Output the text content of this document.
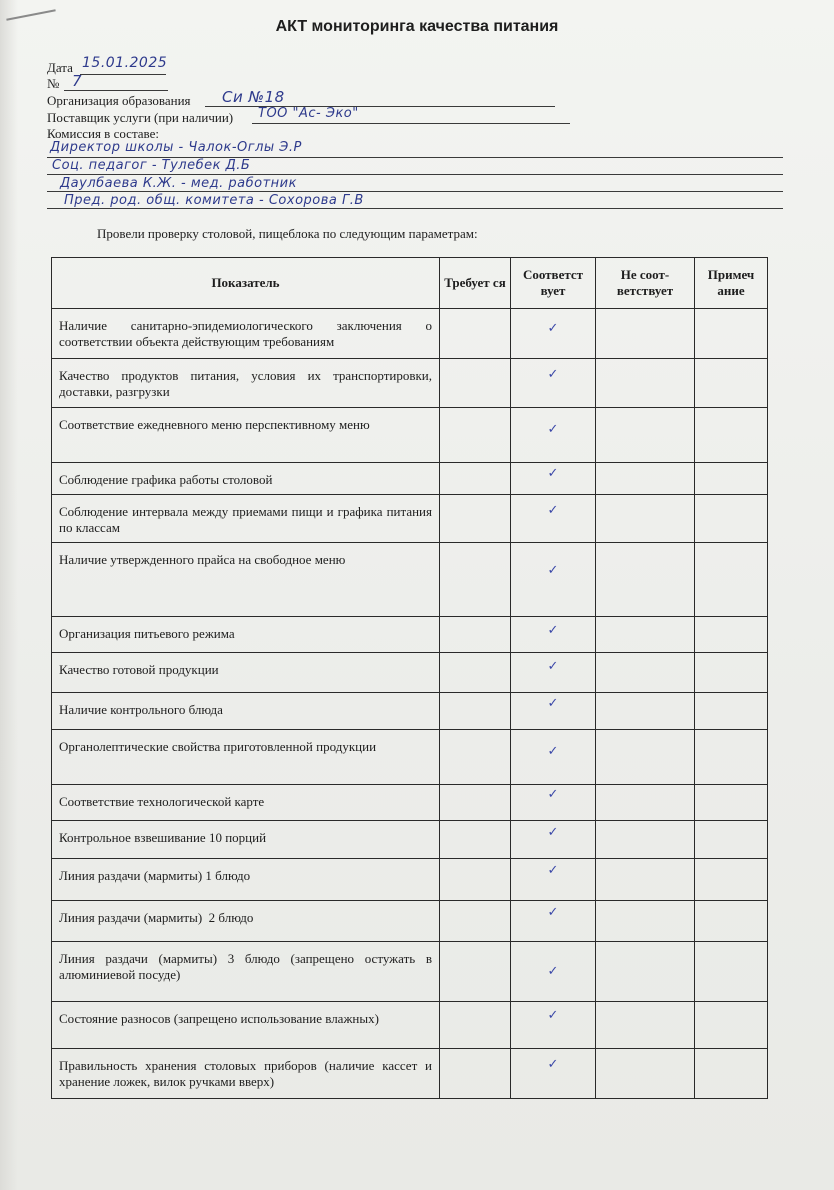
АКТ мониторинга качества питания
Дата 15.01.2025
№ 7
Организация образования Си №18
Поставщик услуги (при наличии) ТОО "Ас- Эко"
Комиссия в составе:
Директор школы - Чалок-Оглы Э.Р
Соц. педагог - Тулебек Д.Б
Даулбаева К.Ж. - мед. работник
Пред. род. общ. комитета - Сохорова Г.В
Провели проверку столовой, пищеблока по следующим параметрам:
Показатель	Требует ся	Соответст вует	Не соот- ветствует	Примеч ание

Наличие санитарно-эпидемиологического заключения о соответствии объекта действующим требованиям		✓		

Качество продуктов питания, условия их транспортировки, доставки, разгрузки		✓		

Соответствие ежедневного меню перспективному меню		✓		

Соблюдение графика работы столовой		✓		

Соблюдение интервала между приемами пищи и графика питания по классам		✓		

Наличие утвержденного прайса на свободное меню		✓		

Организация питьевого режима		✓		

Качество готовой продукции		✓		

Наличие контрольного блюда		✓		

Органолептические свойства приготовленной продукции		✓		

Соответствие технологической карте		✓		

Контрольное взвешивание 10 порций		✓		

Линия раздачи (мармиты) 1 блюдо		✓		

Линия раздачи (мармиты)  2 блюдо		✓		

Линия раздачи (мармиты) 3 блюдо (запрещено остужать в алюминиевой посуде)		✓		

Состояние разносов (запрещено использование влажных)		✓		

Правильность хранения столовых приборов (наличие кассет и хранение ложек, вилок ручками вверх)		✓		
